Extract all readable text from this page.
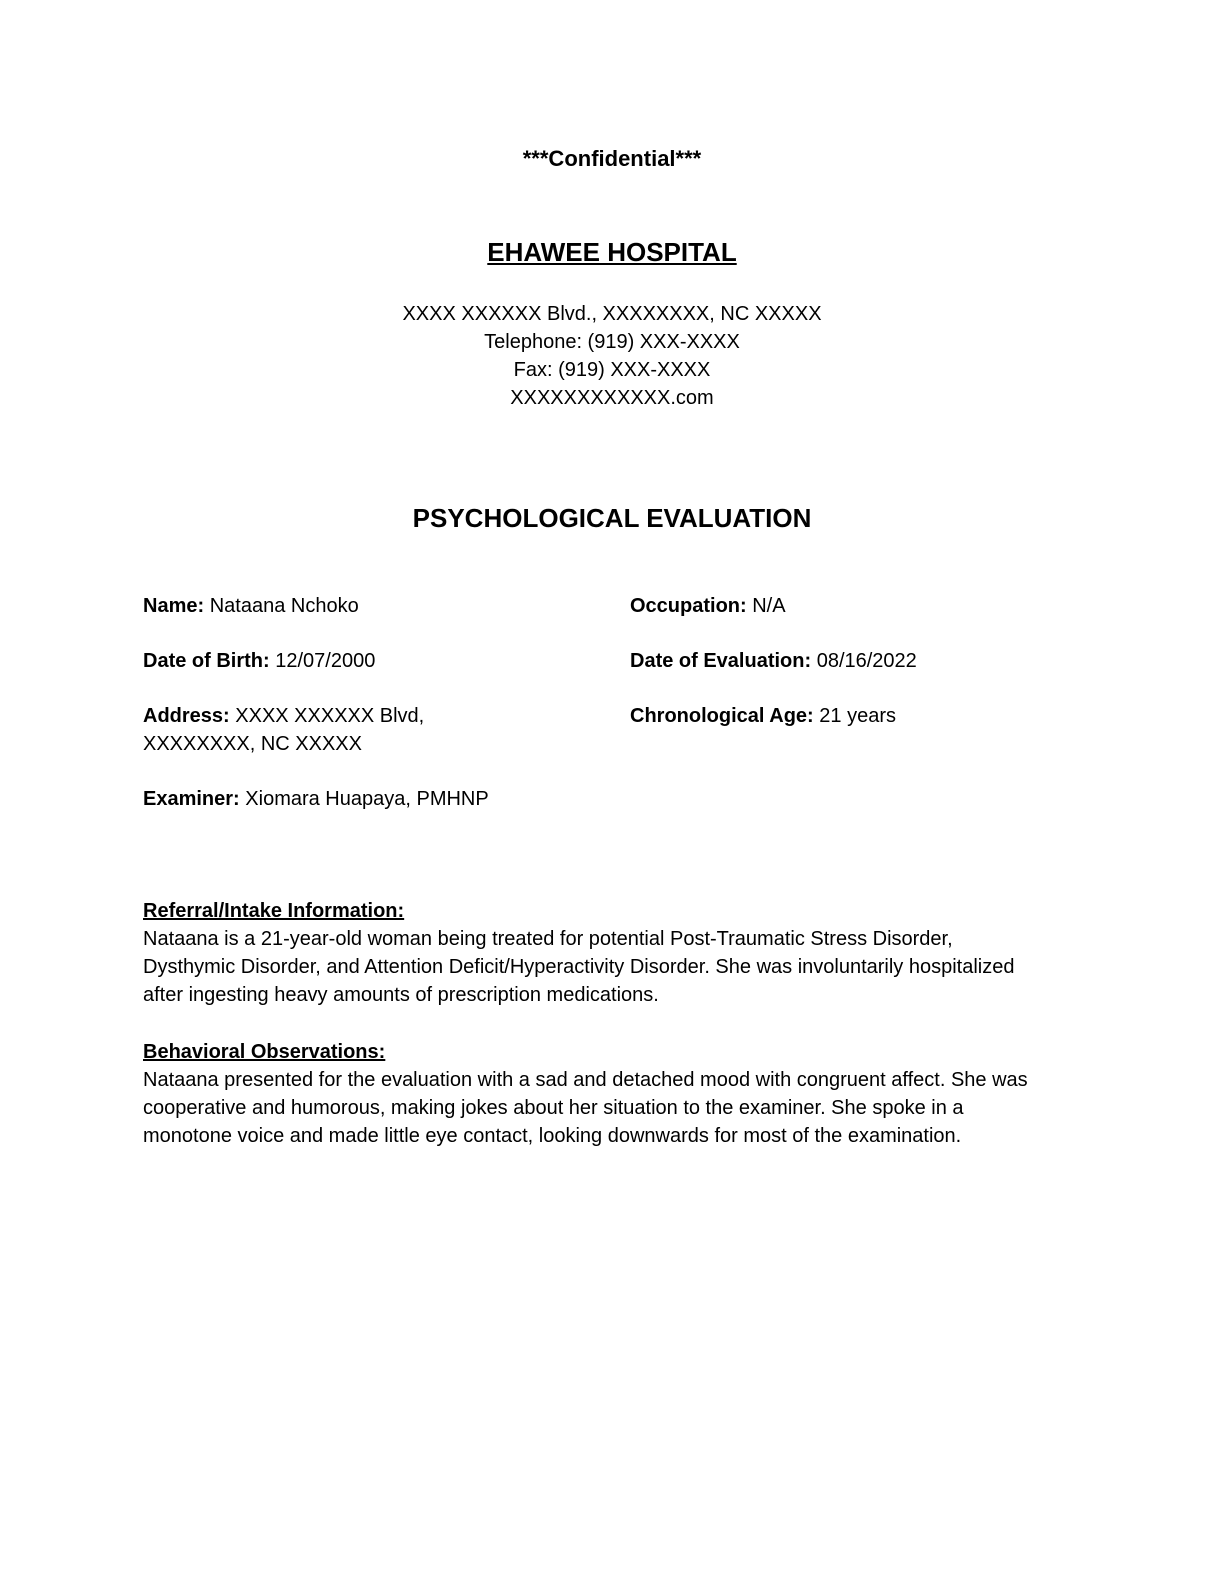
***Confidential***

EHAWEE HOSPITAL

XXXX XXXXXX Blvd., XXXXXXXX, NC XXXXX

Telephone: (919) XXX-XXXX

Fax: (919) XXX-XXXX

XXXXXXXXXXXX.com

PSYCHOLOGICAL EVALUATION

Name: Nataana Nchoko	Occupation: N/A

Date of Birth: 12/07/2000	Date of Evaluation: 08/16/2022

Address: XXXX XXXXXX Blvd,
XXXXXXXX, NC XXXXX

Chronological Age: 21 years

Examiner: Xiomara Huapaya, PMHNP

Referral/Intake Information:

Nataana is a 21-year-old woman being treated for potential Post-Traumatic Stress Disorder, Dysthymic Disorder, and Attention Deficit/Hyperactivity Disorder. She was involuntarily hospitalized after ingesting heavy amounts of prescription medications.

Behavioral Observations:

Nataana presented for the evaluation with a sad and detached mood with congruent affect. She was cooperative and humorous, making jokes about her situation to the examiner. She spoke in a monotone voice and made little eye contact, looking downwards for most of the examination.
